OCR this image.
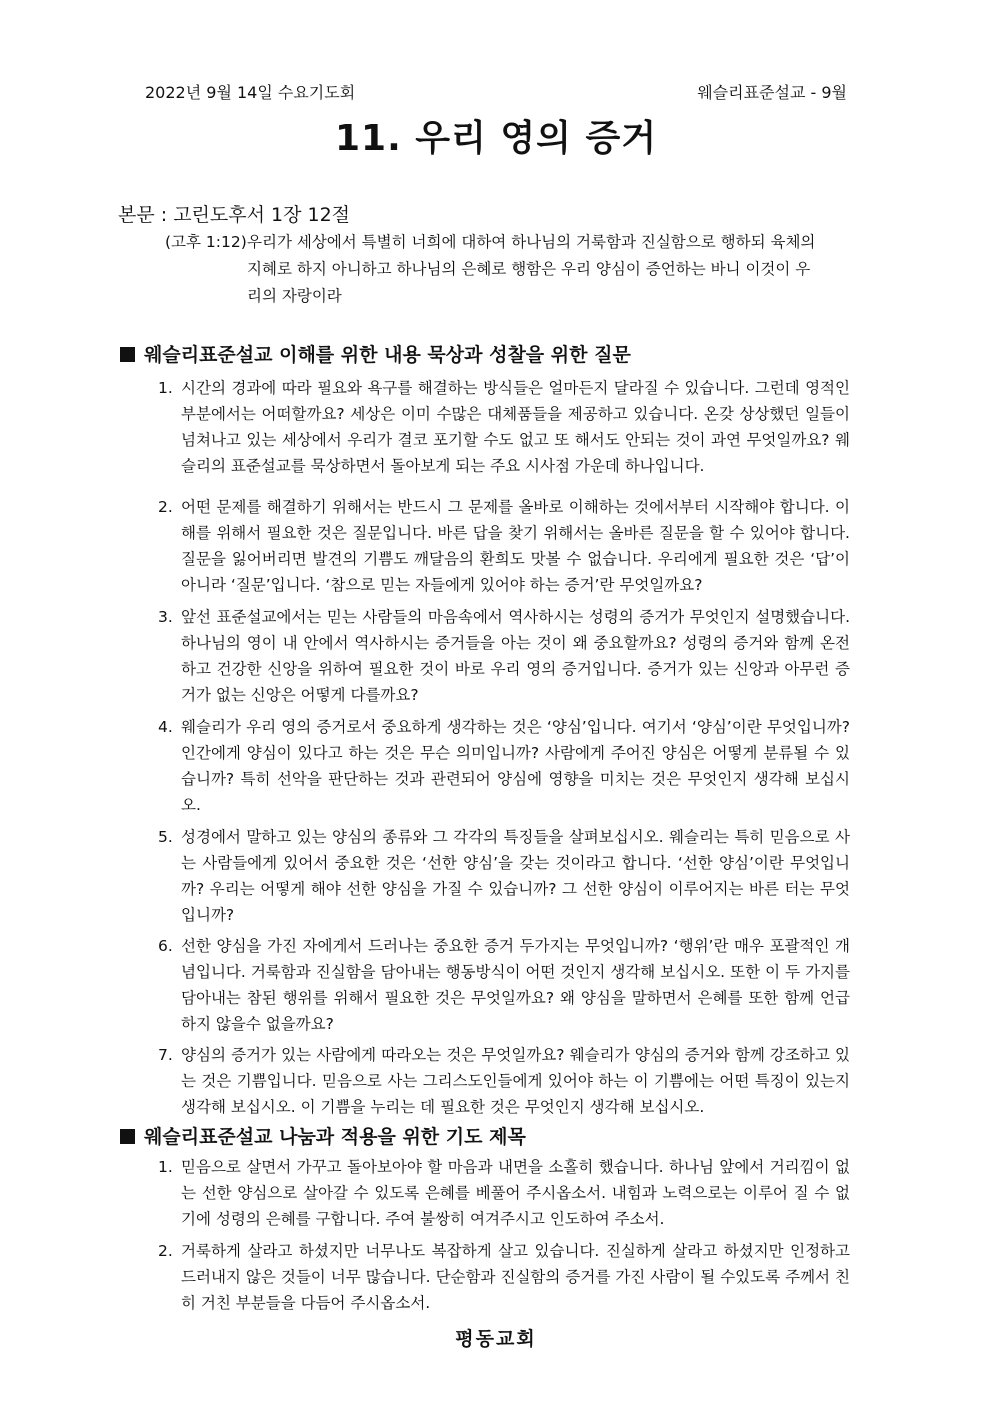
2022년 9월 14일 수요기도회	웨슬리표준설교 - 9월
11. 우리 영의 증거
본문 : 고린도후서 1장 12절
(고후 1:12) 우리가 세상에서 특별히 너희에 대하여 하나님의 거룩함과 진실함으로 행하되 육체의 지혜로 하지 아니하고 하나님의 은혜로 행함은 우리 양심이 증언하는 바니 이것이 우리의 자랑이라
웨슬리표준설교 이해를 위한 내용 묵상과 성찰을 위한 질문
1. 시간의 경과에 따라 필요와 욕구를 해결하는 방식들은 얼마든지 달라질 수 있습니다. 그런데 영적인 부분에서는 어떠할까요? 세상은 이미 수많은 대체품들을 제공하고 있습니다. 온갖 상상했던 일들이 넘쳐나고 있는 세상에서 우리가 결코 포기할 수도 없고 또 해서도 안되는 것이 과연 무엇일까요? 웨슬리의 표준설교를 묵상하면서 돌아보게 되는 주요 시사점 가운데 하나입니다.
2. 어떤 문제를 해결하기 위해서는 반드시 그 문제를 올바로 이해하는 것에서부터 시작해야 합니다. 이해를 위해서 필요한 것은 질문입니다. 바른 답을 찾기 위해서는 올바른 질문을 할 수 있어야 합니다. 질문을 잃어버리면 발견의 기쁨도 깨달음의 환희도 맛볼 수 없습니다. 우리에게 필요한 것은 ‘답’이 아니라 ‘질문’입니다. ‘참으로 믿는 자들에게 있어야 하는 증거’란 무엇일까요?
3. 앞선 표준설교에서는 믿는 사람들의 마음속에서 역사하시는 성령의 증거가 무엇인지 설명했습니다. 하나님의 영이 내 안에서 역사하시는 증거들을 아는 것이 왜 중요할까요? 성령의 증거와 함께 온전하고 건강한 신앙을 위하여 필요한 것이 바로 우리 영의 증거입니다. 증거가 있는 신앙과 아무런 증거가 없는 신앙은 어떻게 다를까요?
4. 웨슬리가 우리 영의 증거로서 중요하게 생각하는 것은 ‘양심’입니다. 여기서 ‘양심’이란 무엇입니까? 인간에게 양심이 있다고 하는 것은 무슨 의미입니까? 사람에게 주어진 양심은 어떻게 분류될 수 있습니까? 특히 선악을 판단하는 것과 관련되어 양심에 영향을 미치는 것은 무엇인지 생각해 보십시오.
5. 성경에서 말하고 있는 양심의 종류와 그 각각의 특징들을 살펴보십시오. 웨슬리는 특히 믿음으로 사는 사람들에게 있어서 중요한 것은 ‘선한 양심’을 갖는 것이라고 합니다. ‘선한 양심’이란 무엇입니까? 우리는 어떻게 해야 선한 양심을 가질 수 있습니까? 그 선한 양심이 이루어지는 바른 터는 무엇입니까?
6. 선한 양심을 가진 자에게서 드러나는 중요한 증거 두가지는 무엇입니까? ‘행위’란 매우 포괄적인 개념입니다. 거룩함과 진실함을 담아내는 행동방식이 어떤 것인지 생각해 보십시오. 또한 이 두 가지를 담아내는 참된 행위를 위해서 필요한 것은 무엇일까요? 왜 양심을 말하면서 은혜를 또한 함께 언급하지 않을수 없을까요?
7. 양심의 증거가 있는 사람에게 따라오는 것은 무엇일까요? 웨슬리가 양심의 증거와 함께 강조하고 있는 것은 기쁨입니다. 믿음으로 사는 그리스도인들에게 있어야 하는 이 기쁨에는 어떤 특징이 있는지 생각해 보십시오. 이 기쁨을 누리는 데 필요한 것은 무엇인지 생각해 보십시오.
웨슬리표준설교 나눔과 적용을 위한 기도 제목
1. 믿음으로 살면서 가꾸고 돌아보아야 할 마음과 내면을 소홀히 했습니다. 하나님 앞에서 거리낌이 없는 선한 양심으로 살아갈 수 있도록 은혜를 베풀어 주시옵소서. 내힘과 노력으로는 이루어 질 수 없기에 성령의 은혜를 구합니다. 주여 불쌍히 여겨주시고 인도하여 주소서.
2. 거룩하게 살라고 하셨지만 너무나도 복잡하게 살고 있습니다. 진실하게 살라고 하셨지만 인정하고 드러내지 않은 것들이 너무 많습니다. 단순함과 진실함의 증거를 가진 사람이 될 수있도록 주께서 친히 거친 부분들을 다듬어 주시옵소서.
평동교회
